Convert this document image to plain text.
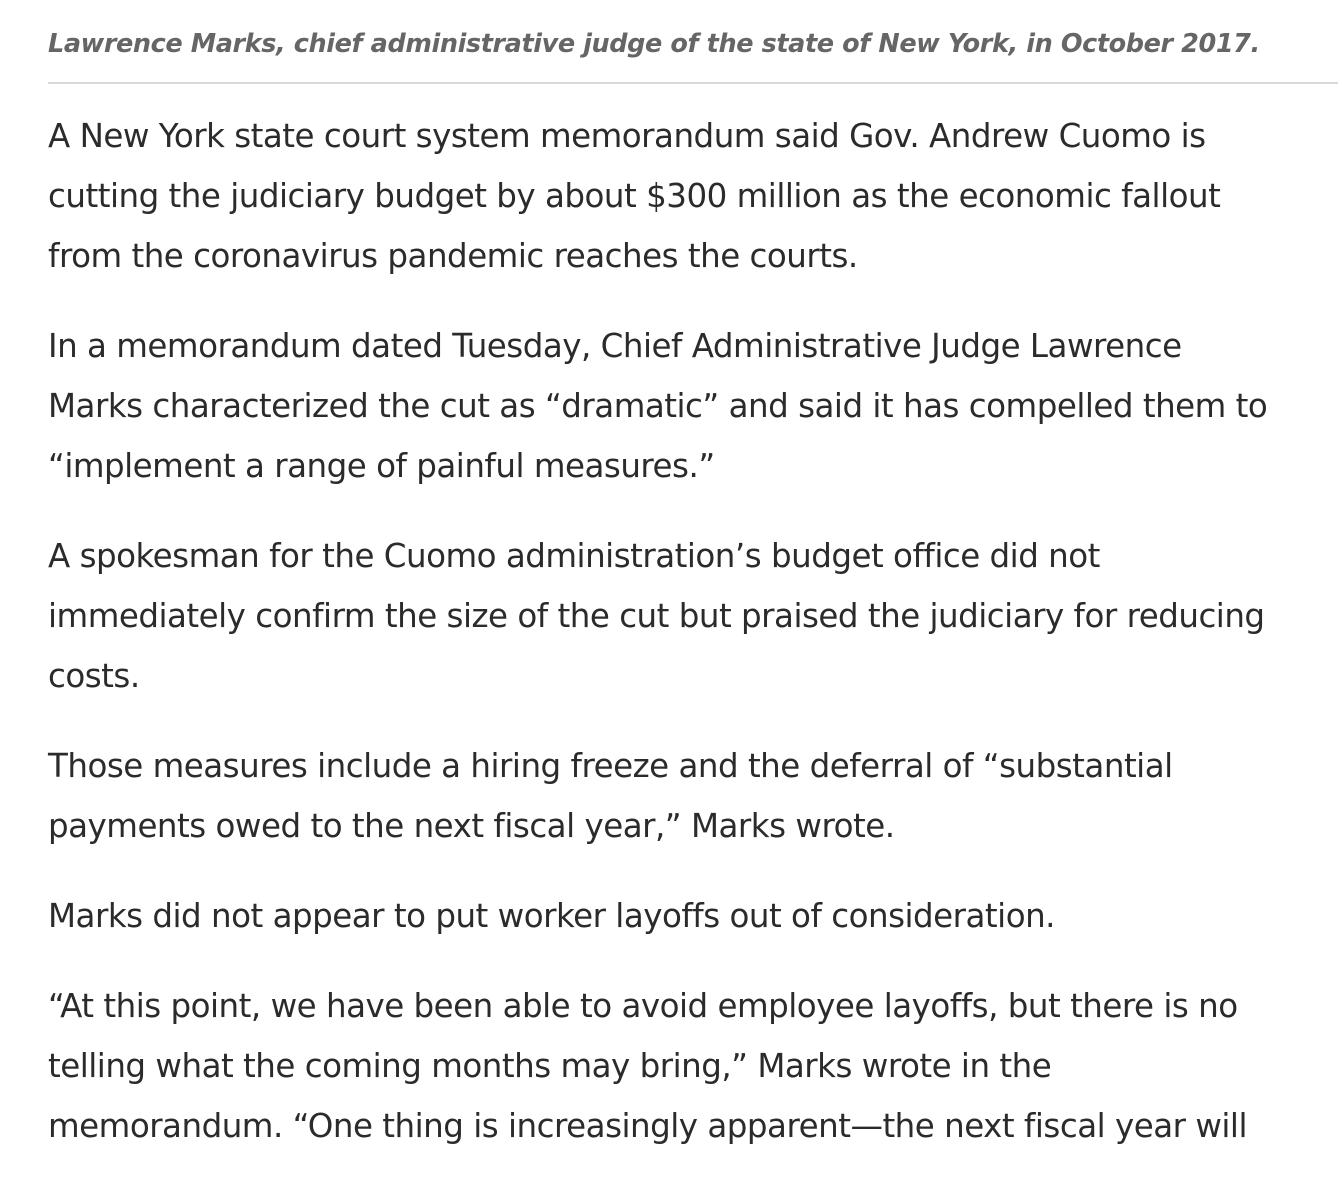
Lawrence Marks, chief administrative judge of the state of New York, in October 2017.

A New York state court system memorandum said Gov. Andrew Cuomo is
cutting the judiciary budget by about $300 million as the economic fallout
from the coronavirus pandemic reaches the courts.

In a memorandum dated Tuesday, Chief Administrative Judge Lawrence
Marks characterized the cut as “dramatic” and said it has compelled them to
“implement a range of painful measures.”

A spokesman for the Cuomo administration’s budget office did not
immediately confirm the size of the cut but praised the judiciary for reducing
costs.

Those measures include a hiring freeze and the deferral of “substantial
payments owed to the next fiscal year,” Marks wrote.

Marks did not appear to put worker layoffs out of consideration.

“At this point, we have been able to avoid employee layoffs, but there is no
telling what the coming months may bring,” Marks wrote in the
memorandum. “One thing is increasingly apparent—the next fiscal year will
